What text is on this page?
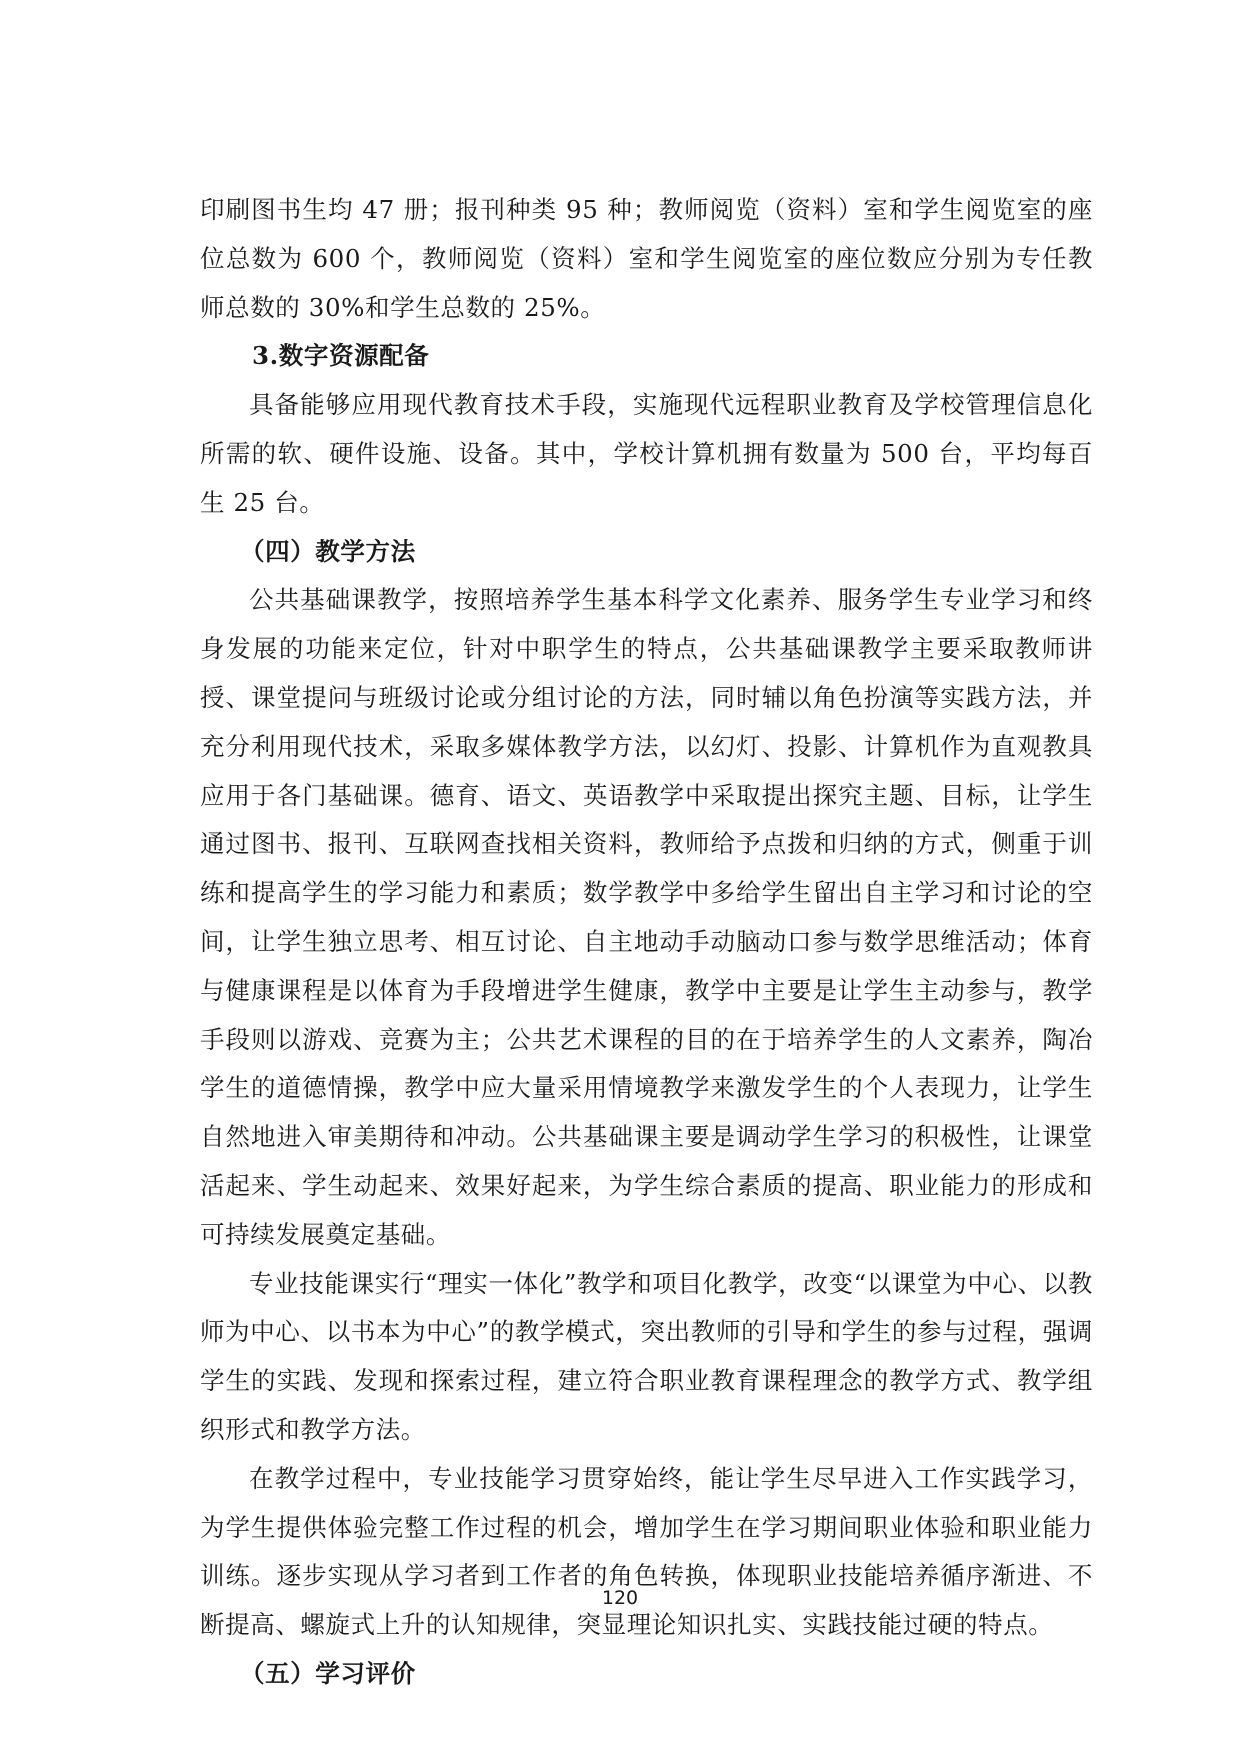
印刷图书生均 47 册；报刊种类 95 种；教师阅览（资料）室和学生阅览室的座位总数为 600 个，教师阅览（资料）室和学生阅览室的座位数应分别为专任教师总数的 30%和学生总数的 25%。

3.数字资源配备

具备能够应用现代教育技术手段，实施现代远程职业教育及学校管理信息化所需的软、硬件设施、设备。其中，学校计算机拥有数量为 500 台，平均每百生 25 台。

（四）教学方法

公共基础课教学，按照培养学生基本科学文化素养、服务学生专业学习和终身发展的功能来定位，针对中职学生的特点，公共基础课教学主要采取教师讲授、课堂提问与班级讨论或分组讨论的方法，同时辅以角色扮演等实践方法，并充分利用现代技术，采取多媒体教学方法，以幻灯、投影、计算机作为直观教具应用于各门基础课。德育、语文、英语教学中采取提出探究主题、目标，让学生通过图书、报刊、互联网查找相关资料，教师给予点拨和归纳的方式，侧重于训练和提高学生的学习能力和素质；数学教学中多给学生留出自主学习和讨论的空间，让学生独立思考、相互讨论、自主地动手动脑动口参与数学思维活动；体育与健康课程是以体育为手段增进学生健康，教学中主要是让学生主动参与，教学手段则以游戏、竞赛为主；公共艺术课程的目的在于培养学生的人文素养，陶冶学生的道德情操，教学中应大量采用情境教学来激发学生的个人表现力，让学生自然地进入审美期待和冲动。公共基础课主要是调动学生学习的积极性，让课堂活起来、学生动起来、效果好起来，为学生综合素质的提高、职业能力的形成和可持续发展奠定基础。

专业技能课实行“理实一体化”教学和项目化教学，改变“以课堂为中心、以教师为中心、以书本为中心”的教学模式，突出教师的引导和学生的参与过程，强调学生的实践、发现和探索过程，建立符合职业教育课程理念的教学方式、教学组织形式和教学方法。

在教学过程中，专业技能学习贯穿始终，能让学生尽早进入工作实践学习，为学生提供体验完整工作过程的机会，增加学生在学习期间职业体验和职业能力训练。逐步实现从学习者到工作者的角色转换，体现职业技能培养循序渐进、不断提高、螺旋式上升的认知规律，突显理论知识扎实、实践技能过硬的特点。

（五）学习评价

120
